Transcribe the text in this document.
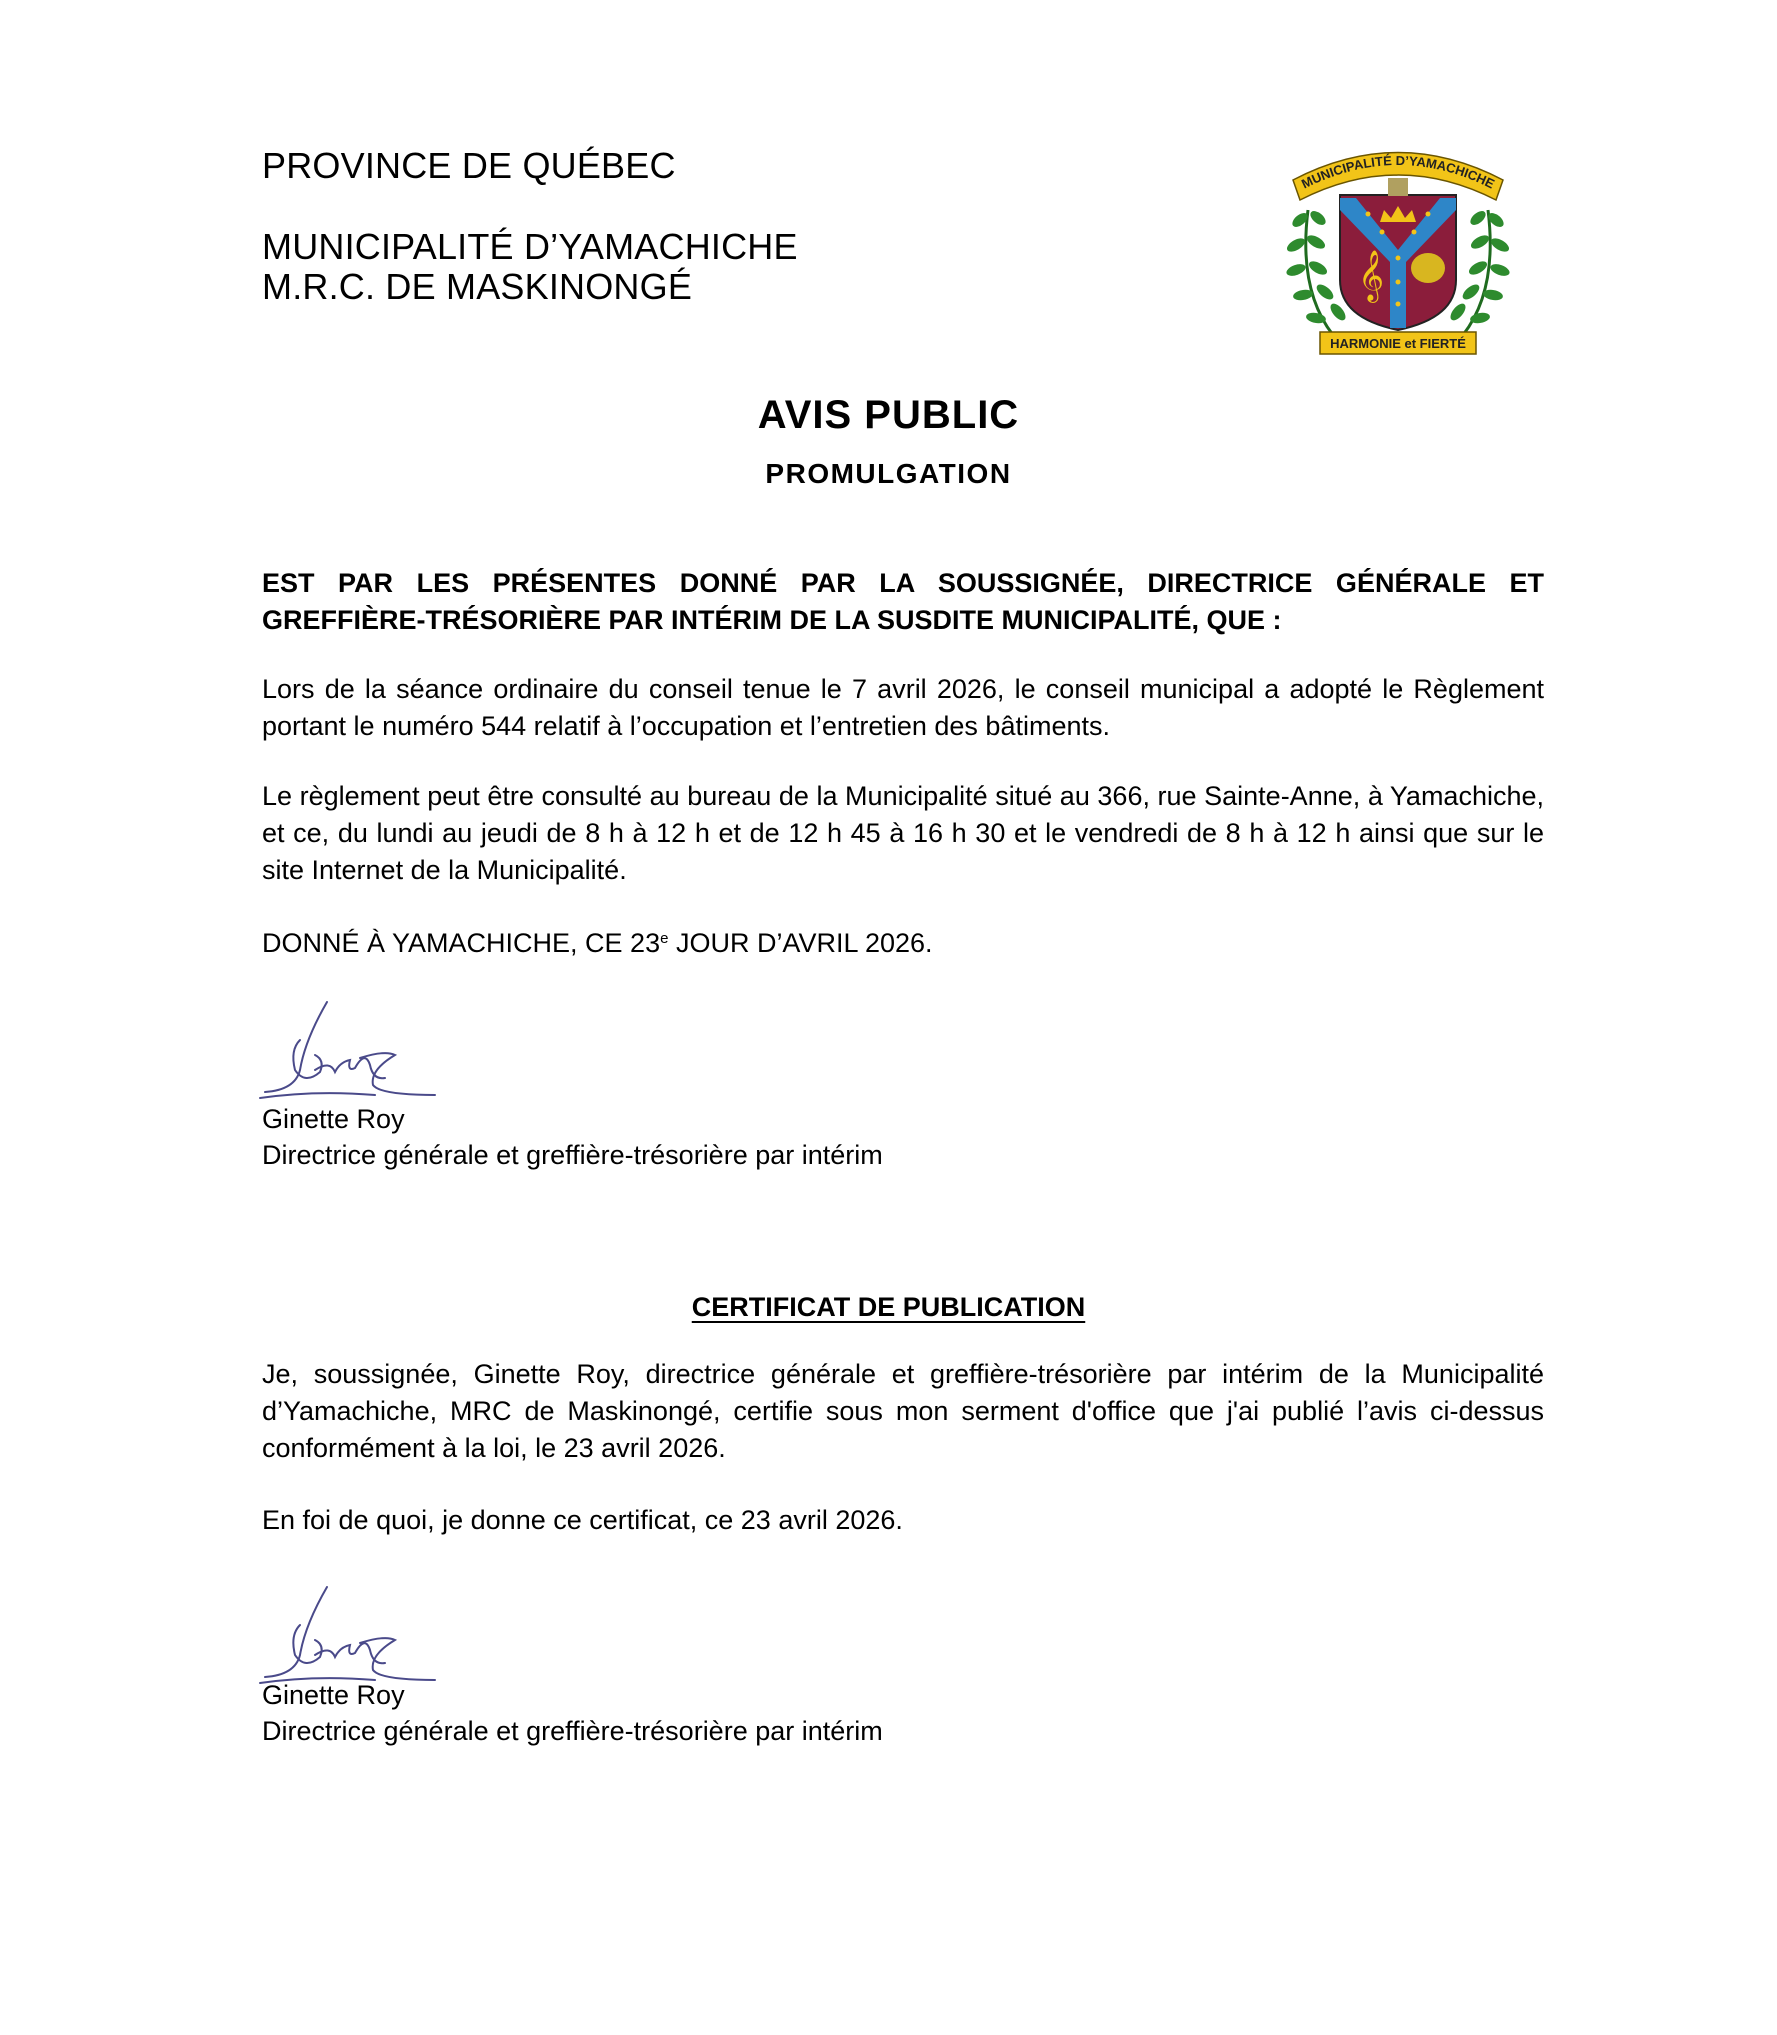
PROVINCE DE QUÉBEC
MUNICIPALITÉ D’YAMACHICHE
M.R.C. DE MASKINONGÉ	𝄞
MUNICIPALITÉ D’YAMACHICHE
HARMONIE et FIERTÉ
AVIS PUBLIC
PROMULGATION
EST PAR LES PRÉSENTES DONNÉ PAR LA SOUSSIGNÉE, DIRECTRICE GÉNÉRALE ET GREFFIÈRE-TRÉSORIÈRE PAR INTÉRIM DE LA SUSDITE MUNICIPALITÉ, QUE :
Lors de la séance ordinaire du conseil tenue le 7 avril 2026, le conseil municipal a adopté le Règlement portant le numéro 544 relatif à l’occupation et l’entretien des bâtiments.
Le règlement peut être consulté au bureau de la Municipalité situé au 366, rue Sainte-Anne, à Yamachiche, et ce, du lundi au jeudi de 8 h à 12 h et de 12 h 45 à 16 h 30 et le vendredi de 8 h à 12 h ainsi que sur le site Internet de la Municipalité.
DONNÉ À YAMACHICHE, CE 23e JOUR D’AVRIL 2026.
Ginette Roy
Directrice générale et greffière-trésorière par intérim
CERTIFICAT DE PUBLICATION
Je, soussignée, Ginette Roy, directrice générale et greffière-trésorière par intérim de la Municipalité d’Yamachiche, MRC de Maskinongé, certifie sous mon serment d'office que j'ai publié l’avis ci-dessus conformément à la loi, le 23 avril 2026.
En foi de quoi, je donne ce certificat, ce 23 avril 2026.
Ginette Roy
Directrice générale et greffière-trésorière par intérim
